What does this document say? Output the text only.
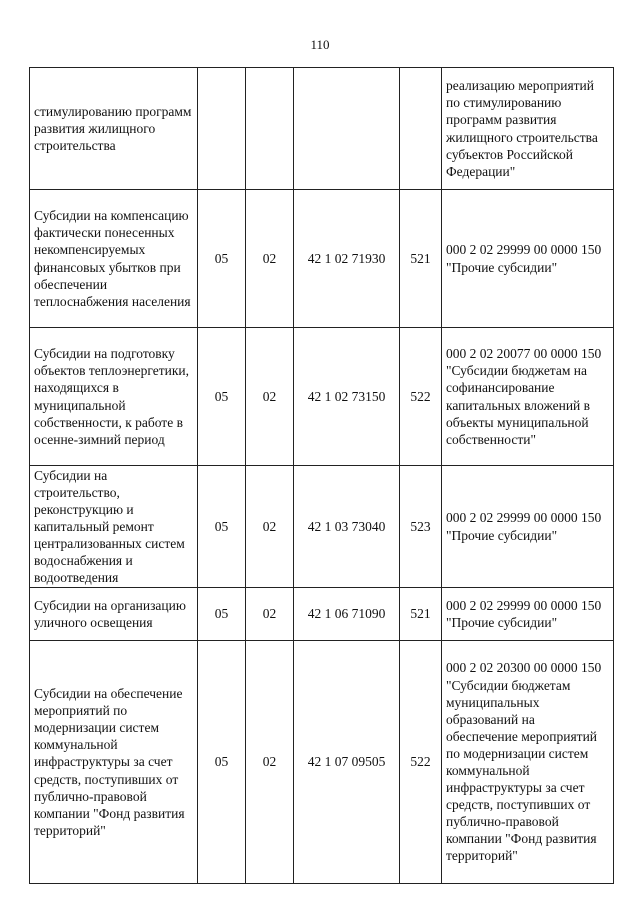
110
стимулированию программ развития жилищного строительства					реализацию мероприятий по стимулированию программ развития жилищного строительства субъектов Российской Федерации"

Субсидии на компенсацию фактически понесенных некомпенсируемых финансовых убытков при обеспечении теплоснабжения населения	05	02	42 1 02 71930	521	000 2 02 29999 00 0000 150 "Прочие субсидии"

Субсидии на подготовку объектов теплоэнергетики, находящихся в муниципальной собственности, к работе в осенне-зимний период	05	02	42 1 02 73150	522	000 2 02 20077 00 0000 150 "Субсидии бюджетам на софинансирование капитальных вложений в объекты муниципальной собственности"

Субсидии на строительство, реконструкцию и капитальный ремонт централизованных систем водоснабжения и водоотведения	05	02	42 1 03 73040	523	000 2 02 29999 00 0000 150 "Прочие субсидии"

Субсидии на организацию уличного освещения	05	02	42 1 06 71090	521	000 2 02 29999 00 0000 150 "Прочие субсидии"

Субсидии на обеспечение мероприятий по модернизации систем коммунальной инфраструктуры за счет средств, поступивших от публично-правовой компании "Фонд развития территорий"	05	02	42 1 07 09505	522	000 2 02 20300 00 0000 150 "Субсидии бюджетам муниципальных образований на обеспечение мероприятий по модернизации систем коммунальной инфраструктуры за счет средств, поступивших от публично-правовой компании "Фонд развития территорий"
